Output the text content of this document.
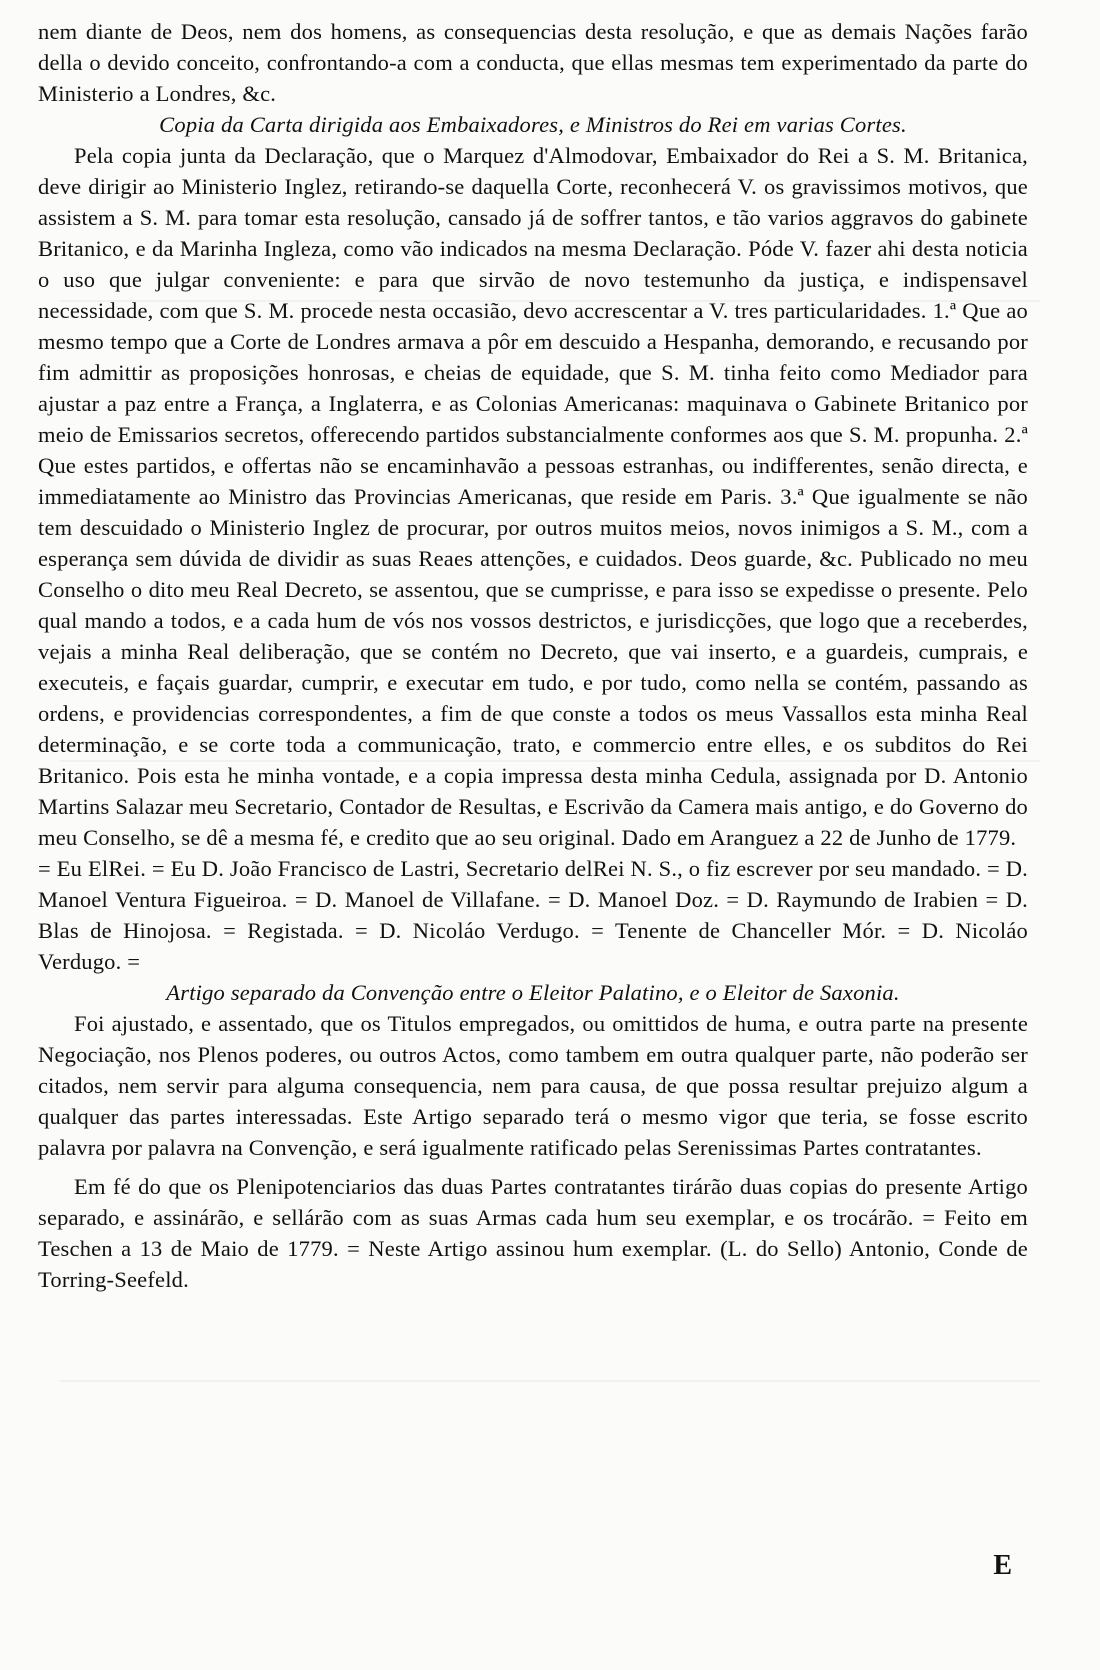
nem diante de Deos, nem dos homens, as consequencias desta resolução, e que as demais Nações farão della o devido conceito, confrontando-a com a conducta, que ellas mesmas tem experimentado da parte do Ministerio a Londres, &c.

Copia da Carta dirigida aos Embaixadores, e Ministros do Rei em varias Cortes.

Pela copia junta da Declaração, que o Marquez d'Almodovar, Embaixador do Rei a S. M. Britanica, deve dirigir ao Ministerio Inglez, retirando-se daquella Corte, reconhecerá V. os gravissimos motivos, que assistem a S. M. para tomar esta resolução, cansado já de soffrer tantos, e tão varios aggravos do gabinete Britanico, e da Marinha Ingleza, como vão indicados na mesma Declaração. Póde V. fazer ahi desta noticia o uso que julgar conveniente: e para que sirvão de novo testemunho da justiça, e indispensavel necessidade, com que S. M. procede nesta occasião, devo accrescentar a V. tres particularidades. 1.ª Que ao mesmo tempo que a Corte de Londres armava a pôr em descuido a Hespanha, demorando, e recusando por fim admittir as proposições honrosas, e cheias de equidade, que S. M. tinha feito como Mediador para ajustar a paz entre a França, a Inglaterra, e as Colonias Americanas: maquinava o Gabinete Britanico por meio de Emissarios secretos, offerecendo partidos substancialmente conformes aos que S. M. propunha. 2.ª Que estes partidos, e offertas não se encaminhavão a pessoas estranhas, ou indifferentes, senão directa, e immediatamente ao Ministro das Provincias Americanas, que reside em Paris. 3.ª Que igualmente se não tem descuidado o Ministerio Inglez de procurar, por outros muitos meios, novos inimigos a S. M., com a esperança sem dúvida de dividir as suas Reaes attenções, e cuidados. Deos guarde, &c. Publicado no meu Conselho o dito meu Real Decreto, se assentou, que se cumprisse, e para isso se expedisse o presente. Pelo qual mando a todos, e a cada hum de vós nos vossos destrictos, e jurisdicções, que logo que a receberdes, vejais a minha Real deliberação, que se contém no Decreto, que vai inserto, e a guardeis, cumprais, e executeis, e façais guardar, cumprir, e executar em tudo, e por tudo, como nella se contém, passando as ordens, e providencias correspondentes, a fim de que conste a todos os meus Vassallos esta minha Real determinação, e se corte toda a communicação, trato, e commercio entre elles, e os subditos do Rei Britanico. Pois esta he minha vontade, e a copia impressa desta minha Cedula, assignada por D. Antonio Martins Salazar meu Secretario, Contador de Resultas, e Escrivão da Camera mais antigo, e do Governo do meu Conselho, se dê a mesma fé, e credito que ao seu original. Dado em Aranguez a 22 de Junho de 1779.

= Eu ElRei. = Eu D. João Francisco de Lastri, Secretario delRei N. S., o fiz escrever por seu mandado. = D. Manoel Ventura Figueiroa. = D. Manoel de Villafane. = D. Manoel Doz. = D. Raymundo de Irabien = D. Blas de Hinojosa. = Registada. = D. Nicoláo Verdugo. = Tenente de Chanceller Mór. = D. Nicoláo Verdugo. =

Artigo separado da Convenção entre o Eleitor Palatino, e o Eleitor de Saxonia.

Foi ajustado, e assentado, que os Titulos empregados, ou omittidos de huma, e outra parte na presente Negociação, nos Plenos poderes, ou outros Actos, como tambem em outra qualquer parte, não poderão ser citados, nem servir para alguma consequencia, nem para causa, de que possa resultar prejuizo algum a qualquer das partes interessadas. Este Artigo separado terá o mesmo vigor que teria, se fosse escrito palavra por palavra na Convenção, e será igualmente ratificado pelas Serenissimas Partes contratantes.

Em fé do que os Plenipotenciarios das duas Partes contratantes tirárão duas copias do presente Artigo separado, e assinárão, e sellárão com as suas Armas cada hum seu exemplar, e os trocárão. = Feito em Teschen a 13 de Maio de 1779. = Neste Artigo assinou hum exemplar. (L. do Sello) Antonio, Conde de Torring-Seefeld.

E
